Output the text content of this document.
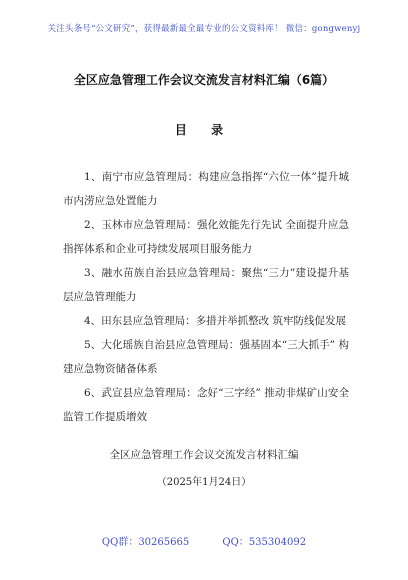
关注头条号“公文研究”，获得最新最全最专业的公文资料库！ 微信：gongwenyj
全区应急管理工作会议交流发言材料汇编（6篇）
目 录

1、南宁市应急管理局：构建应急指挥“六位一体”提升城市内涝应急处置能力

2、玉林市应急管理局：强化效能先行先试 全面提升应急指挥体系和企业可持续发展项目服务能力

3、融水苗族自治县应急管理局：聚焦“三力”建设提升基层应急管理能力

4、田东县应急管理局：多措并举抓整改 筑牢防线促发展

5、大化瑶族自治县应急管理局：强基固本“三大抓手” 构建应急物资储备体系

6、武宣县应急管理局：念好“三字经” 推动非煤矿山安全监管工作提质增效

全区应急管理工作会议交流发言材料汇编
（2025年1月24日）
QQ群：30265665	QQ：535304092
